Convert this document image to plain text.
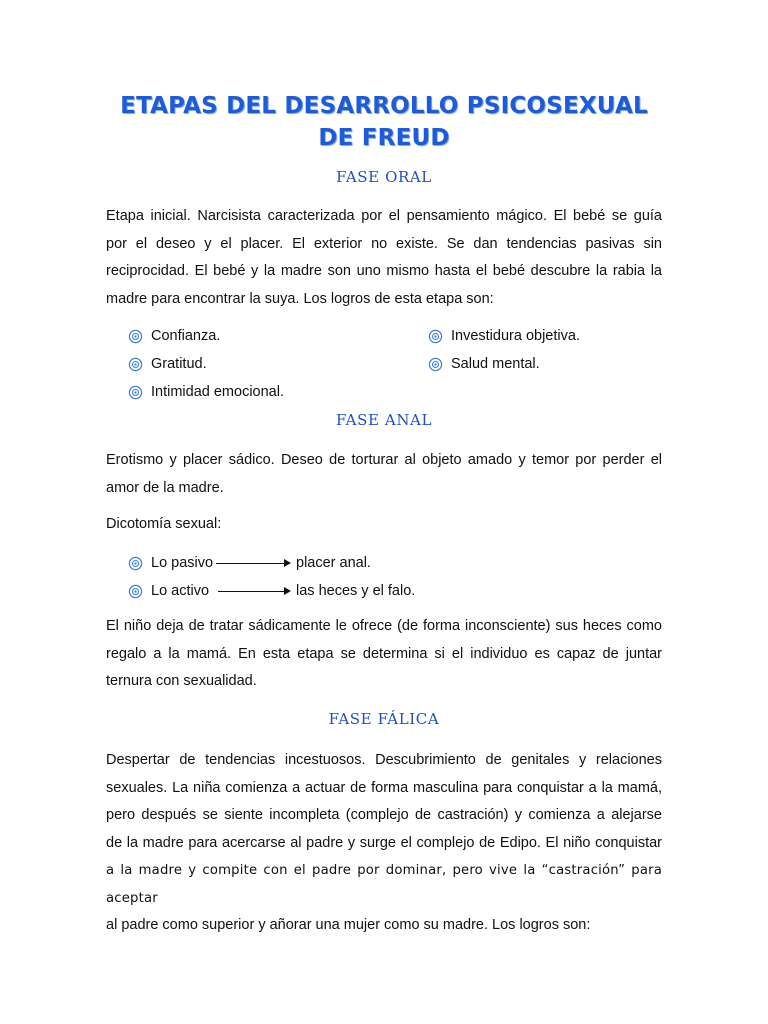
ETAPAS DEL DESARROLLO PSICOSEXUAL
DE FREUD
FASE ORAL
Etapa inicial. Narcisista caracterizada por el pensamiento mágico. El bebé se guía
por el deseo y el placer. El exterior no existe. Se dan tendencias pasivas sin
reciprocidad. El bebé y la madre son uno mismo hasta el bebé descubre la rabia la
madre para encontrar la suya. Los logros de esta etapa son:
Confianza.
Gratitud.
Intimidad emocional.
Investidura objetiva.
Salud mental.
FASE ANAL
Erotismo y placer sádico. Deseo de torturar al objeto amado y temor por perder el
amor de la madre.
Dicotomía sexual:
Lo pasivo	placer anal.
Lo activo	las heces y el falo.
El niño deja de tratar sádicamente le ofrece (de forma inconsciente) sus heces como
regalo a la mamá. En esta etapa se determina si el individuo es capaz de juntar
ternura con sexualidad.
FASE FÁLICA
Despertar de tendencias incestuosos. Descubrimiento de genitales y relaciones
sexuales. La niña comienza a actuar de forma masculina para conquistar a la mamá,
pero después se siente incompleta (complejo de castración) y comienza a alejarse
de la madre para acercarse al padre y surge el complejo de Edipo. El niño conquistar
a la madre y compite con el padre por dominar, pero vive la “castración” para aceptar
al padre como superior y añorar una mujer como su madre. Los logros son:
